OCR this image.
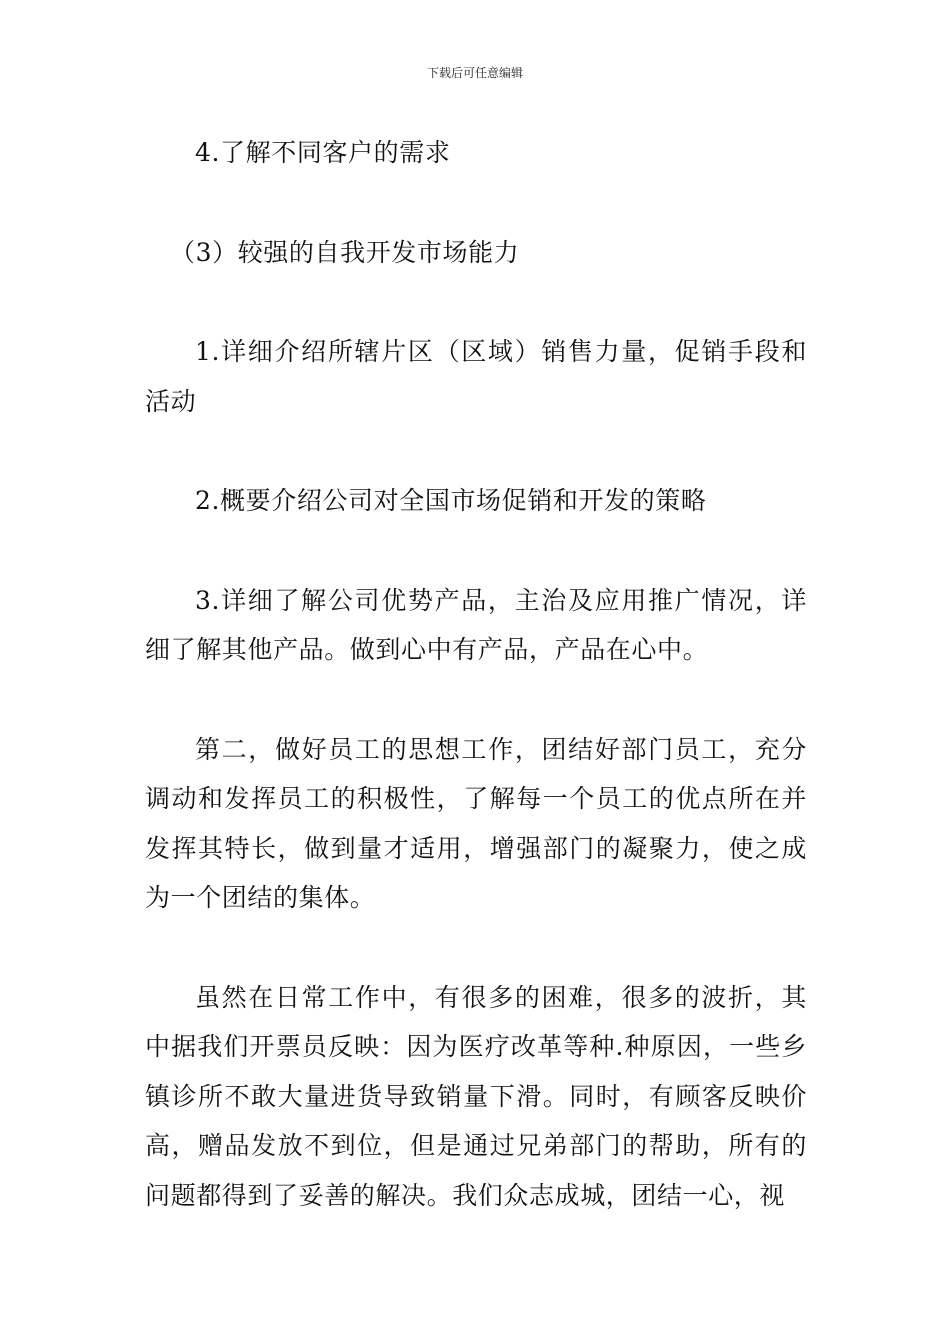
下载后可任意编辑

4.了解不同客户的需求

（3）较强的自我开发市场能力

1.详细介绍所辖片区（区域）销售力量，促销手段和活动

2.概要介绍公司对全国市场促销和开发的策略

3.详细了解公司优势产品，主治及应用推广情况，详细了解其他产品。做到心中有产品，产品在心中。

第二，做好员工的思想工作，团结好部门员工，充分调动和发挥员工的积极性，了解每一个员工的优点所在并发挥其特长，做到量才适用，增强部门的凝聚力，使之成为一个团结的集体。

虽然在日常工作中，有很多的困难，很多的波折，其中据我们开票员反映：因为医疗改革等种.种原因，一些乡镇诊所不敢大量进货导致销量下滑。同时，有顾客反映价高，赠品发放不到位，但是通过兄弟部门的帮助，所有的问题都得到了妥善的解决。我们众志成城，团结一心，视
